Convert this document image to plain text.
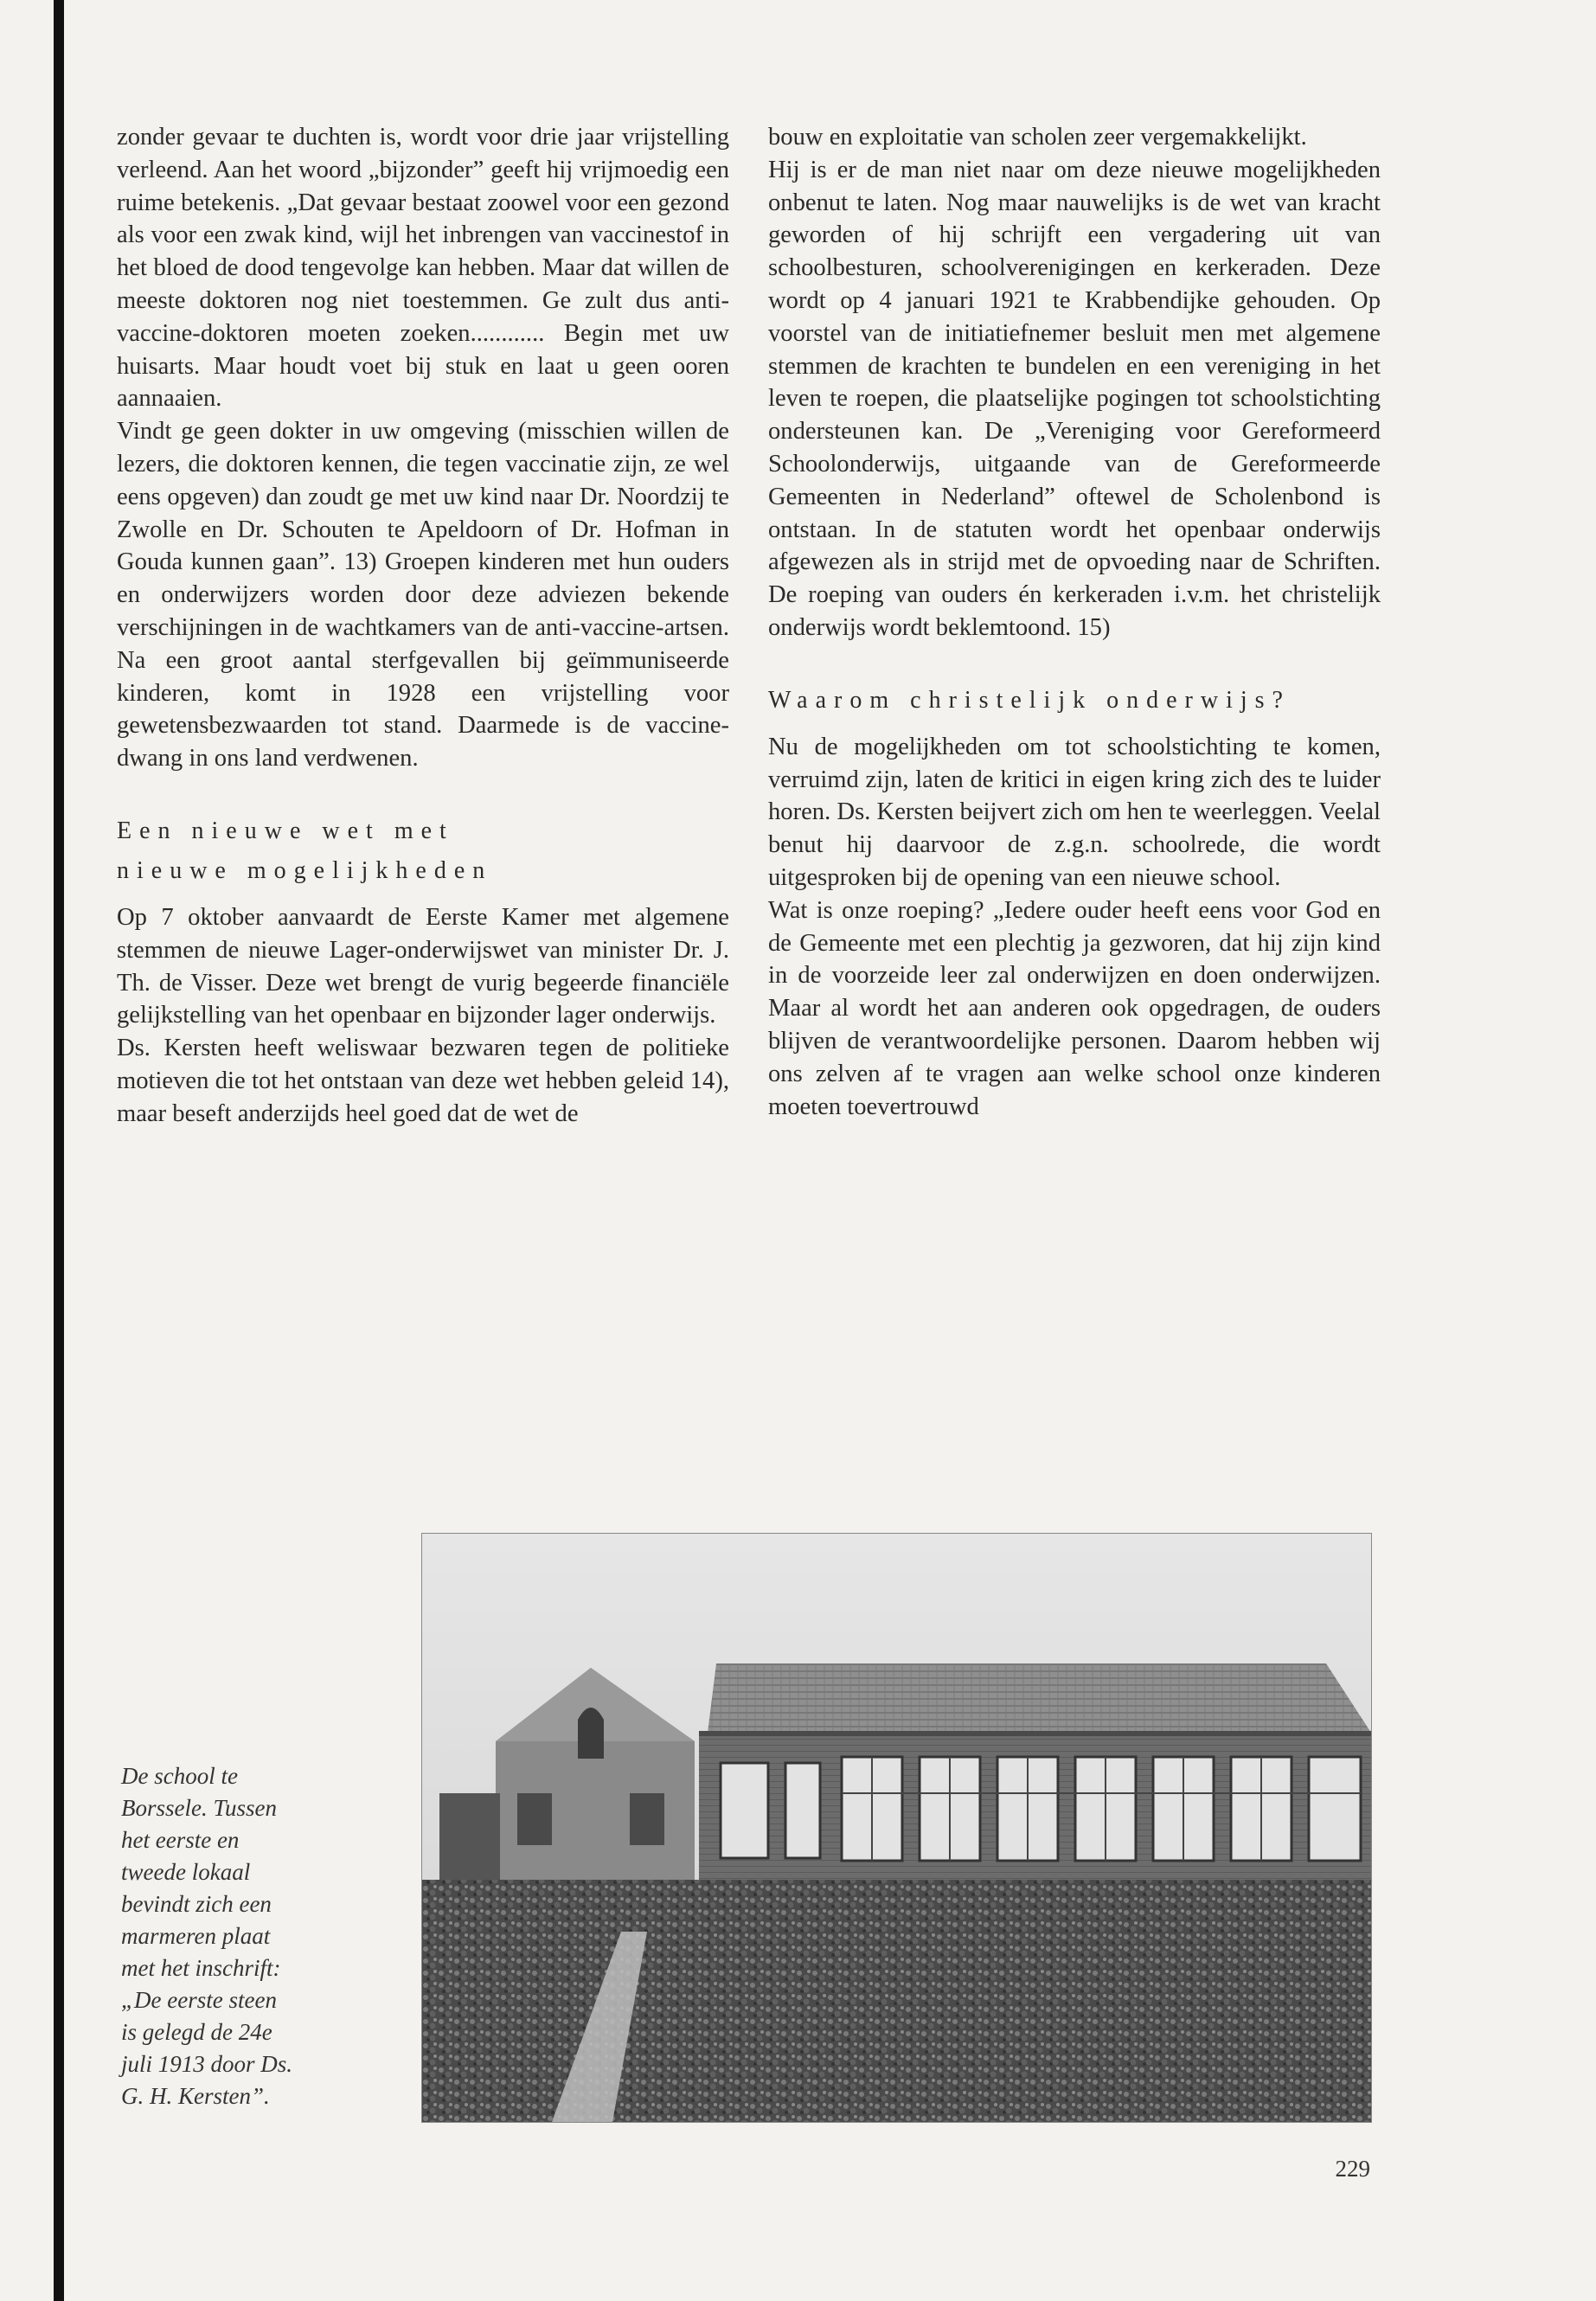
zonder gevaar te duchten is, wordt voor drie jaar vrijstelling verleend. Aan het woord „bijzonder” geeft hij vrijmoedig een ruime betekenis. „Dat gevaar bestaat zoowel voor een gezond als voor een zwak kind, wijl het inbrengen van vaccinestof in het bloed de dood tengevolge kan hebben. Maar dat willen de meeste doktoren nog niet toestemmen. Ge zult dus anti-vaccine-doktoren moeten zoeken............ Begin met uw huisarts. Maar houdt voet bij stuk en laat u geen ooren aannaaien.

Vindt ge geen dokter in uw omgeving (misschien willen de lezers, die doktoren kennen, die tegen vaccinatie zijn, ze wel eens opgeven) dan zoudt ge met uw kind naar Dr. Noordzij te Zwolle en Dr. Schouten te Apeldoorn of Dr. Hofman in Gouda kunnen gaan”. 13) Groepen kinderen met hun ouders en onderwijzers worden door deze adviezen bekende verschijningen in de wachtkamers van de anti-vaccine-artsen. Na een groot aantal sterfgevallen bij geïmmuniseerde kinderen, komt in 1928 een vrijstelling voor gewetensbezwaarden tot stand. Daarmede is de vaccine-dwang in ons land verdwenen.

Een nieuwe wet met
nieuwe mogelijkheden

Op 7 oktober aanvaardt de Eerste Kamer met algemene stemmen de nieuwe Lager-onderwijswet van minister Dr. J. Th. de Visser. Deze wet brengt de vurig begeerde financiële gelijkstelling van het openbaar en bijzonder lager onderwijs.

Ds. Kersten heeft weliswaar bezwaren tegen de politieke motieven die tot het ontstaan van deze wet hebben geleid 14), maar beseft anderzijds heel goed dat de wet de

bouw en exploitatie van scholen zeer vergemakkelijkt.

Hij is er de man niet naar om deze nieuwe mogelijkheden onbenut te laten. Nog maar nauwelijks is de wet van kracht geworden of hij schrijft een vergadering uit van schoolbesturen, schoolverenigingen en kerkeraden. Deze wordt op 4 januari 1921 te Krabbendijke gehouden. Op voorstel van de initiatiefnemer besluit men met algemene stemmen de krachten te bundelen en een vereniging in het leven te roepen, die plaatselijke pogingen tot schoolstichting ondersteunen kan. De „Vereniging voor Gereformeerd Schoolonderwijs, uitgaande van de Gereformeerde Gemeenten in Nederland” oftewel de Scholenbond is ontstaan. In de statuten wordt het openbaar onderwijs afgewezen als in strijd met de opvoeding naar de Schriften. De roeping van ouders én kerkeraden i.v.m. het christelijk onderwijs wordt beklemtoond. 15)

Waarom christelijk onderwijs?

Nu de mogelijkheden om tot schoolstichting te komen, verruimd zijn, laten de kritici in eigen kring zich des te luider horen. Ds. Kersten beijvert zich om hen te weerleggen. Veelal benut hij daarvoor de z.g.n. schoolrede, die wordt uitgesproken bij de opening van een nieuwe school.

Wat is onze roeping? „Iedere ouder heeft eens voor God en de Gemeente met een plechtig ja gezworen, dat hij zijn kind in de voorzeide leer zal onderwijzen en doen onderwijzen. Maar al wordt het aan anderen ook opgedragen, de ouders blijven de verantwoordelijke personen. Daarom hebben wij ons zelven af te vragen aan welke school onze kinderen moeten toevertrouwd

De school te
Borssele. Tussen
het eerste en
tweede lokaal
bevindt zich een
marmeren plaat
met het inschrift:
„De eerste steen
is gelegd de 24e
juli 1913 door Ds.
G. H. Kersten”.
229
